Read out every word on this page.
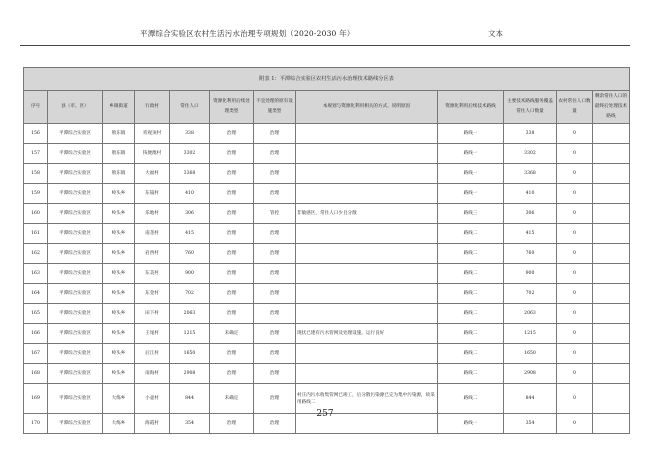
平潭综合实验区农村生活污水治理专项规划（2020-2030 年）	文本
附表 1：平潭综合实验区农村生活污水治理技术路线分区表											
序号	县（市、区）	乡镇街道	行政村	常住人口	资源化利用后续处理类型	不宜处理的原有设施类型	本规划与资源化利用相关的方式、说明原因	资源化利用后续技术路线	主要技术路线服务覆盖常住人口数量	农村常住人口数量	剩余常住人口的最终后处理技术路线
156	平潭综合实验区	敖东镇	青观顶村	338	治理	治理		路线一	338	0	
157	平潭综合实验区	敖东镇	钱便澳村	3302	治理	治理		路线一	3302	0	
158	平潭综合实验区	敖东镇	大福村	3368	治理	治理		路线一	3368	0	
159	平潭综合实验区	岭头乡	东镜村	410	治理	治理		路线一	410	0	
160	平潭综合实验区	岭头乡	乐地村	306	治理	管控	非敏感区，常住人口少且分散	路线三	306	0	
161	平潭综合实验区	岭头乡	南垄村	415	治理	治理		路线二	415	0	
162	平潭综合实验区	岭头乡	岩西村	760	治理	治理		路线二	760	0	
163	平潭综合实验区	岭头乡	东美村	900	治理	治理		路线二	900	0	
164	平潭综合实验区	岭头乡	东金村	702	治理	治理		路线二	702	0	
165	平潭综合实验区	岭头乡	田下村	2063	治理	治理		路线二	2063	0	
166	平潭综合实验区	岭头乡	王尾村	1215	未确定	治理	现状已建有污水管网及处理设施，运行良好	路线二	1215	0	
167	平潭综合实验区	岭头乡	后江村	1650	治理	治理		路线二	1650	0	
168	平潭综合实验区	岭头乡	南海村	2908	治理	治理		路线二	2908	0	
169	平潭综合实验区	大练乡	小壶村	844	未确定	治理	村庄内污水收集管网已竣工，后分散污染源已完为集中污染源，故采用路线二	路线二	844	0	
170	平潭综合实验区	大练乡	海霞村	354	治理	治理		路线一	354	0	
257
